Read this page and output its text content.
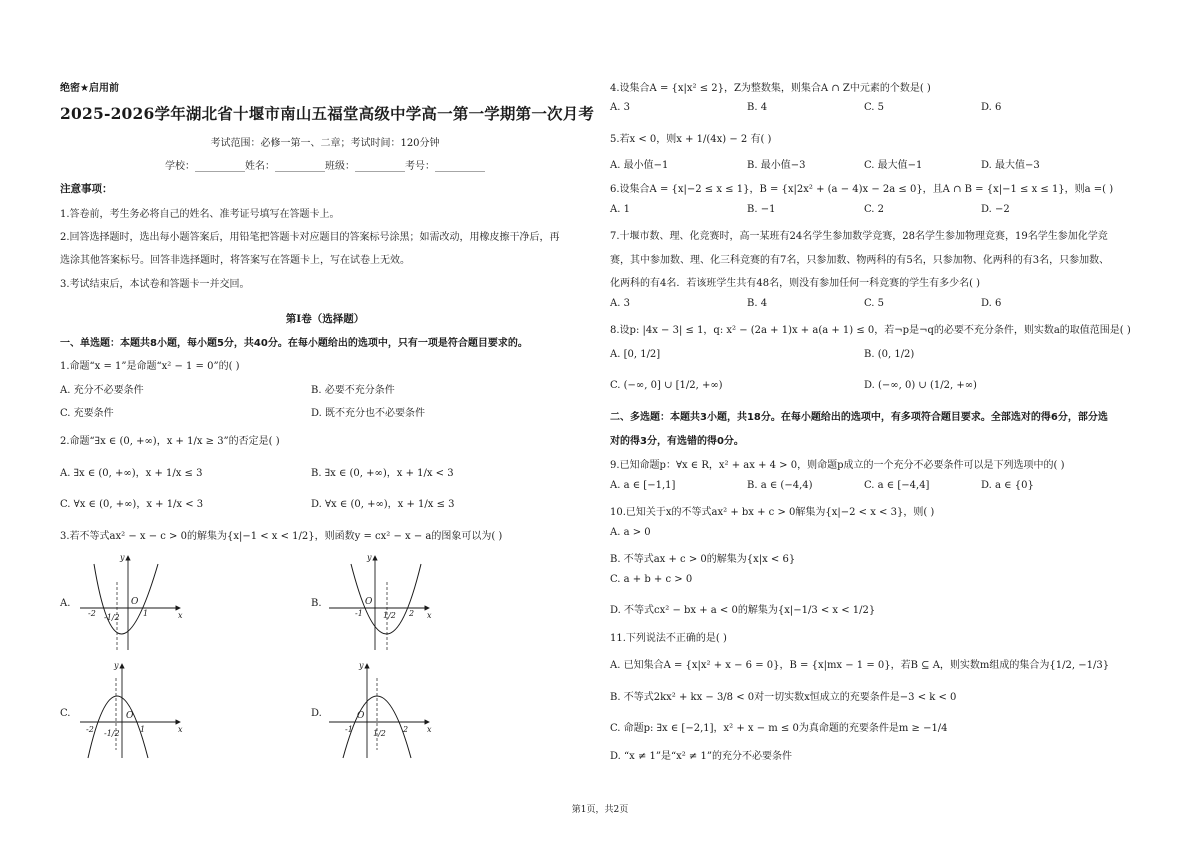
绝密★启用前
2025-2026学年湖北省十堰市南山五福堂高级中学高一第一学期第一次月考
考试范围：必修一第一、二章；考试时间：120分钟
学校：__________姓名：__________班级：__________考号：__________
注意事项：
1.答卷前，考生务必将自己的姓名、准考证号填写在答题卡上。
2.回答选择题时，选出每小题答案后，用铅笔把答题卡对应题目的答案标号涂黑；如需改动，用橡皮擦干净后，再
选涂其他答案标号。回答非选择题时，将答案写在答题卡上，写在试卷上无效。
3.考试结束后，本试卷和答题卡一并交回。
第Ⅰ卷（选择题）
一、单选题：本题共8小题，每小题5分，共40分。在每小题给出的选项中，只有一项是符合题目要求的。
1.命题“x = 1”是命题“x² − 1 = 0”的( )
A. 充分不必要条件	B. 必要不充分条件
C. 充要条件	D. 既不充分也不必要条件
2.命题“∃x ∈ (0, +∞)，x + 1/x ≥ 3”的否定是( )
A. ∃x ∈ (0, +∞)，x + 1/x ≤ 3	B. ∃x ∈ (0, +∞)，x + 1/x < 3
C. ∀x ∈ (0, +∞)，x + 1/x < 3	D. ∀x ∈ (0, +∞)，x + 1/x ≤ 3
3.若不等式ax² − x − c > 0的解集为{x|−1 < x < 1/2}，则函数y = cx² − x − a的图象可以为( )
A.	B.
C.	D.
y
x
O
-2 -1/2	1
y
x
O
-1	1/2 2
y
x
O
-2 -1/2	1
y
x
O
-1	1/2 2
4.设集合A = {x|x² ≤ 2}，Z为整数集，则集合A ∩ Z中元素的个数是( )
A. 3	B. 4	C. 5	D. 6
5.若x < 0，则x + 1/(4x) − 2 有( )
A. 最小值−1	B. 最小值−3	C. 最大值−1	D. 最大值−3
6.设集合A = {x|−2 ≤ x ≤ 1}，B = {x|2x² + (a − 4)x − 2a ≤ 0}，且A ∩ B = {x|−1 ≤ x ≤ 1}，则a =( )
A. 1	B. −1	C. 2	D. −2
7.十堰市数、理、化竞赛时，高一某班有24名学生参加数学竞赛，28名学生参加物理竞赛，19名学生参加化学竞
赛，其中参加数、理、化三科竞赛的有7名，只参加数、物两科的有5名，只参加物、化两科的有3名，只参加数、
化两科的有4名．若该班学生共有48名，则没有参加任何一科竞赛的学生有多少名( )
A. 3	B. 4	C. 5	D. 6
8.设p: |4x − 3| ≤ 1，q: x² − (2a + 1)x + a(a + 1) ≤ 0，若¬p是¬q的必要不充分条件，则实数a的取值范围是( )
A. [0, 1/2]	B. (0, 1/2)
C. (−∞, 0] ∪ [1/2, +∞)	D. (−∞, 0) ∪ (1/2, +∞)
二、多选题：本题共3小题，共18分。在每小题给出的选项中，有多项符合题目要求。全部选对的得6分，部分选
对的得3分，有选错的得0分。
9.已知命题p：∀x ∈ R，x² + ax + 4 > 0，则命题p成立的一个充分不必要条件可以是下列选项中的( )
A. a ∈ [−1,1]	B. a ∈ (−4,4)	C. a ∈ [−4,4]	D. a ∈ {0}
10.已知关于x的不等式ax² + bx + c > 0解集为{x|−2 < x < 3}，则( )
A. a > 0
B. 不等式ax + c > 0的解集为{x|x < 6}
C. a + b + c > 0
D. 不等式cx² − bx + a < 0的解集为{x|−1/3 < x < 1/2}
11.下列说法不正确的是( )
A. 已知集合A = {x|x² + x − 6 = 0}，B = {x|mx − 1 = 0}，若B ⊆ A，则实数m组成的集合为{1/2, −1/3}
B. 不等式2kx² + kx − 3/8 < 0对一切实数x恒成立的充要条件是−3 < k < 0
C. 命题p: ∃x ∈ [−2,1]，x² + x − m ≤ 0为真命题的充要条件是m ≥ −1/4
D. “x ≠ 1”是“x² ≠ 1”的充分不必要条件
第1页，共2页
